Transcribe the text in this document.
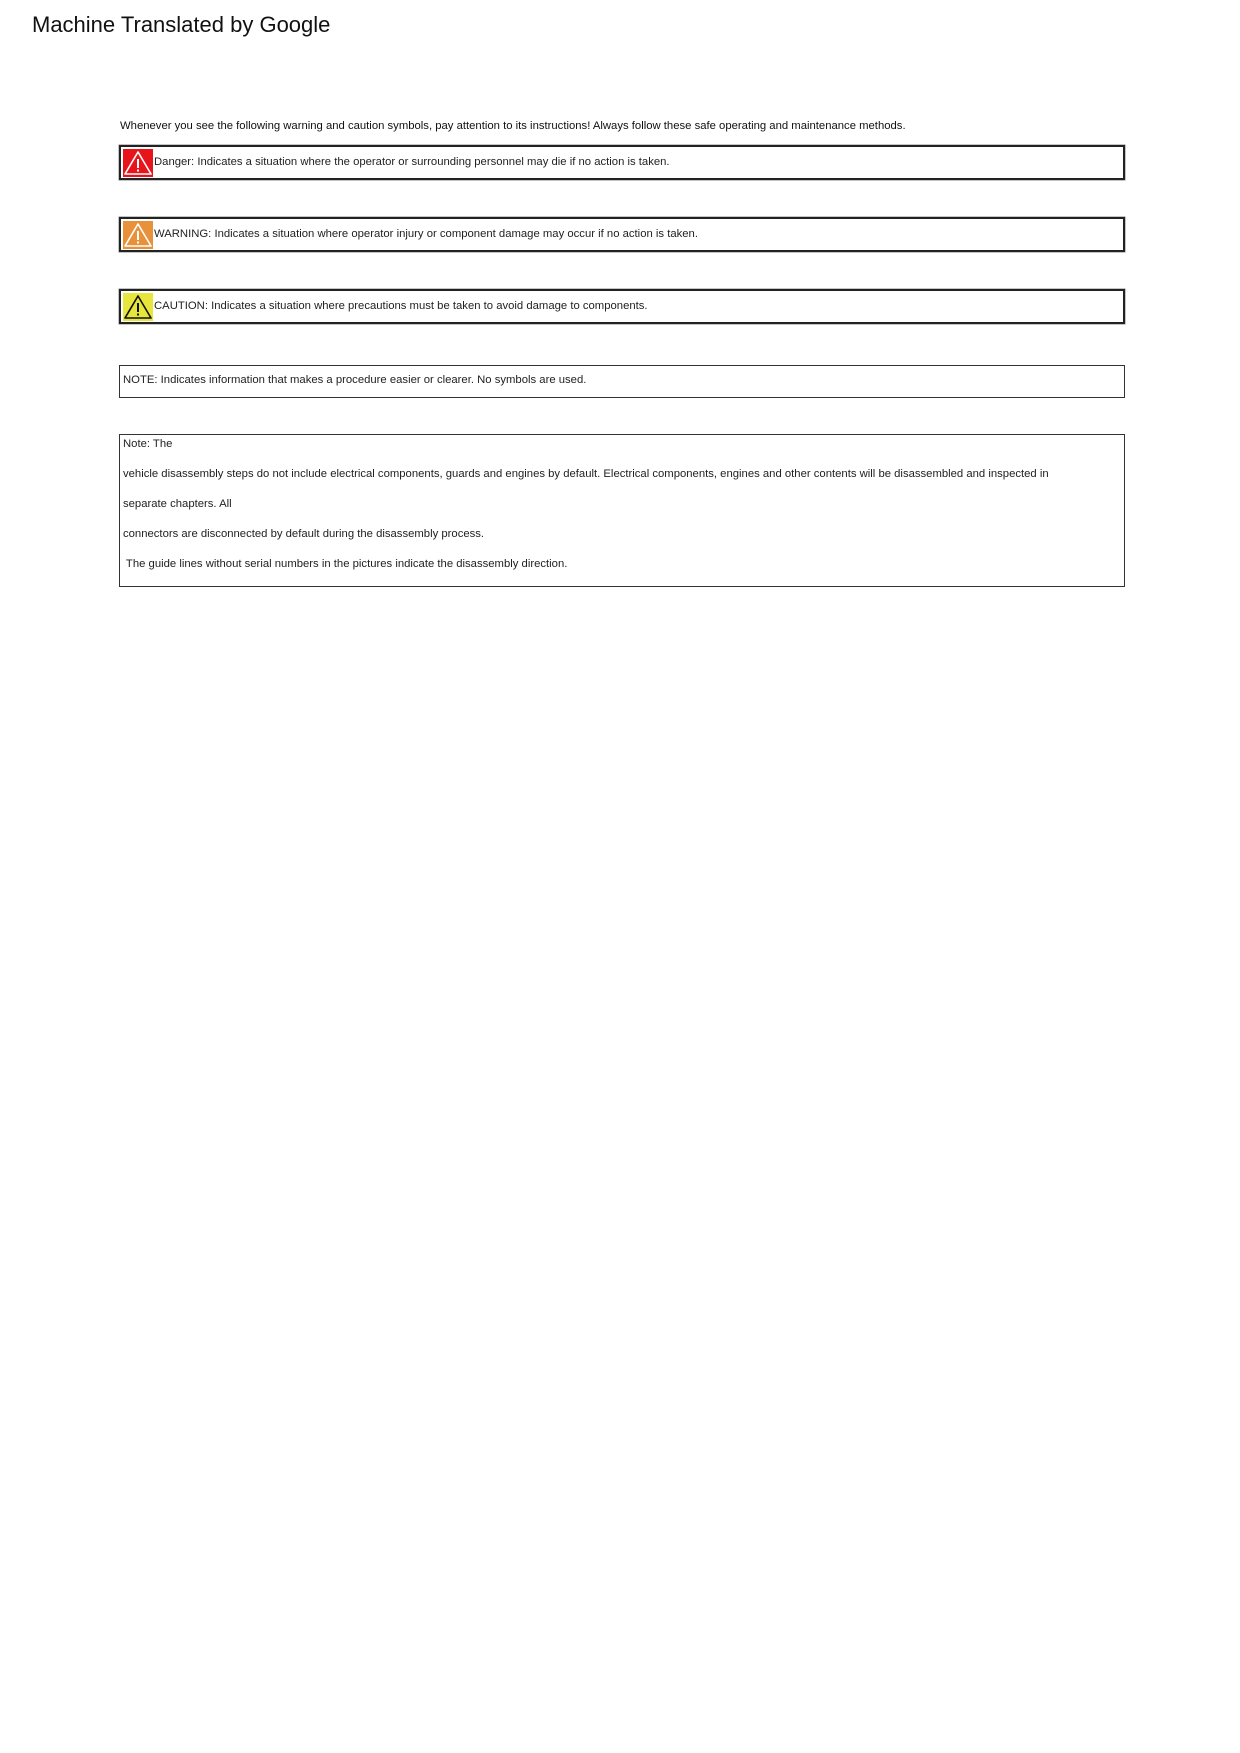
Machine Translated by Google
Whenever you see the following warning and caution symbols, pay attention to its instructions! Always follow these safe operating and maintenance methods.
Danger: Indicates a situation where the operator or surrounding personnel may die if no action is taken.
WARNING: Indicates a situation where operator injury or component damage may occur if no action is taken.
CAUTION: Indicates a situation where precautions must be taken to avoid damage to components.
NOTE: Indicates information that makes a procedure easier or clearer. No symbols are used.
Note: The
vehicle disassembly steps do not include electrical components, guards and engines by default. Electrical components, engines and other contents will be disassembled and inspected in
separate chapters. All
connectors are disconnected by default during the disassembly process.
The guide lines without serial numbers in the pictures indicate the disassembly direction.
